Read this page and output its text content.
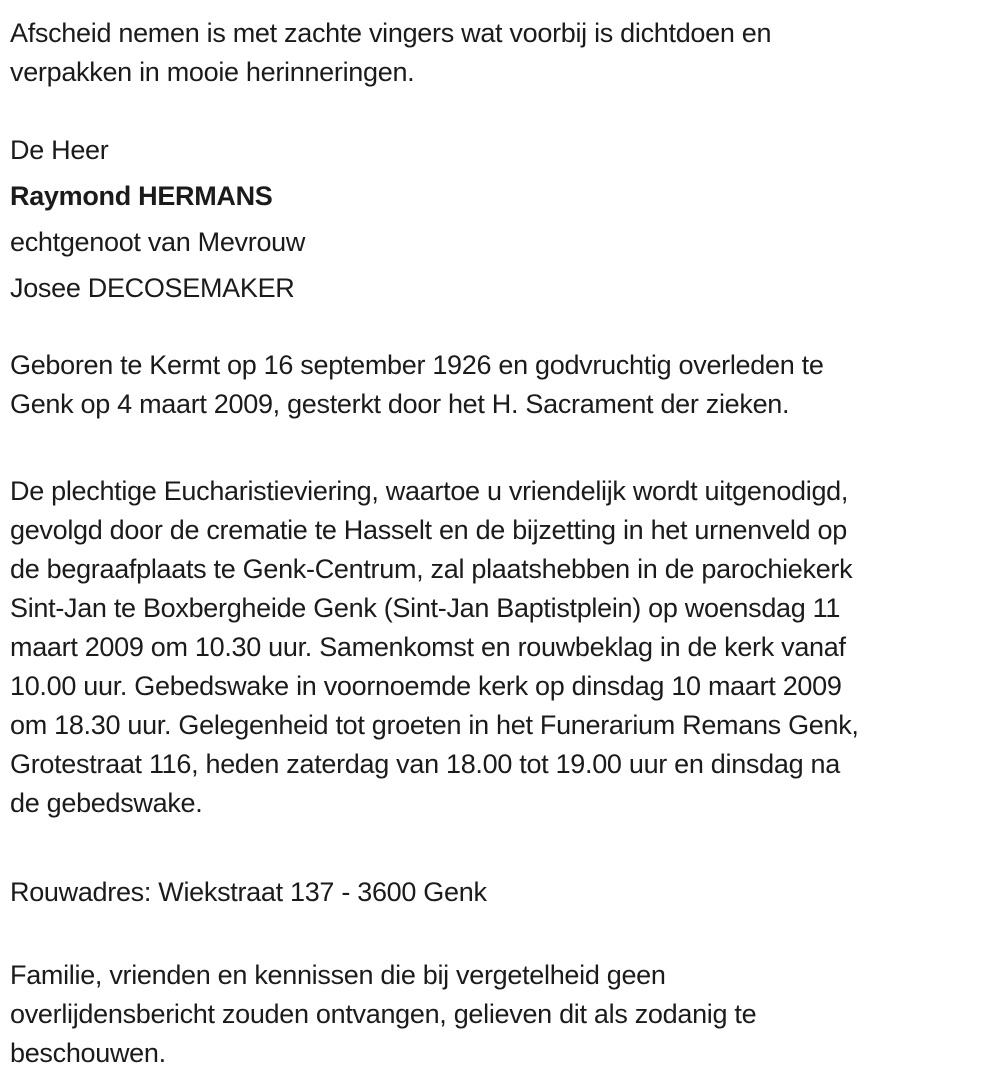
Afscheid nemen is met zachte vingers wat voorbij is dichtdoen en
verpakken in mooie herinneringen.
De Heer
Raymond HERMANS
echtgenoot van Mevrouw
Josee DECOSEMAKER
Geboren te Kermt op 16 september 1926 en godvruchtig overleden te
Genk op 4 maart 2009, gesterkt door het H. Sacrament der zieken.
De plechtige Eucharistieviering, waartoe u vriendelijk wordt uitgenodigd,
gevolgd door de crematie te Hasselt en de bijzetting in het urnenveld op
de begraafplaats te Genk-Centrum, zal plaatshebben in de parochiekerk
Sint-Jan te Boxbergheide Genk (Sint-Jan Baptistplein) op woensdag 11
maart 2009 om 10.30 uur. Samenkomst en rouwbeklag in de kerk vanaf
10.00 uur. Gebedswake in voornoemde kerk op dinsdag 10 maart 2009
om 18.30 uur. Gelegenheid tot groeten in het Funerarium Remans Genk,
Grotestraat 116, heden zaterdag van 18.00 tot 19.00 uur en dinsdag na
de gebedswake.
Rouwadres: Wiekstraat 137 - 3600 Genk
Familie, vrienden en kennissen die bij vergetelheid geen
overlijdensbericht zouden ontvangen, gelieven dit als zodanig te
beschouwen.
